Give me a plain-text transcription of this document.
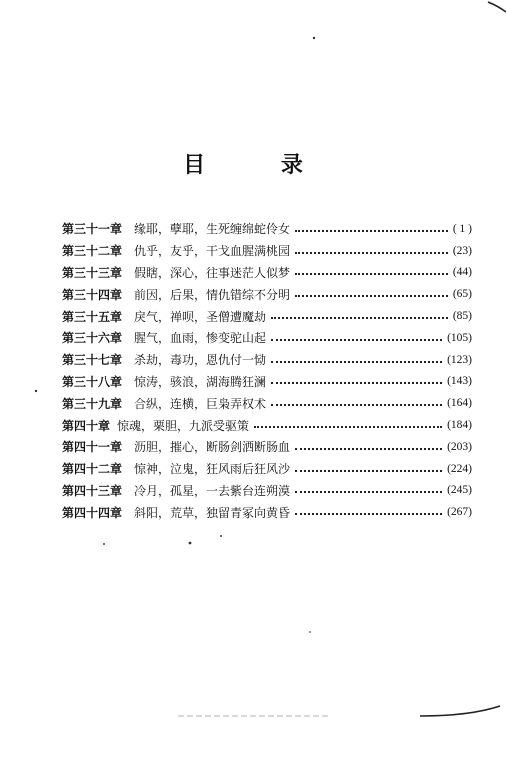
目 录
第三十一章 缘耶，孽耶，生死缠绵蛇伶女	( 1 )
第三十二章 仇乎，友乎，干戈血腥满桃园	(23)
第三十三章 假瞎，深心，往事迷茫人似梦	(44)
第三十四章 前因，后果，情仇错综不分明	(65)
第三十五章 戾气，禅呗，圣僧遭魔劫	(85)
第三十六章 腥气，血雨，惨变驼山起	(105)
第三十七章 杀劫，毒功，恩仇付一恸	(123)
第三十八章 惊涛，骇浪，湖海腾狂澜	(143)
第三十九章 合纵，连横，巨枭弄权术	(164)
第四十章 惊魂，栗胆，九派受驱策	(184)
第四十一章 沥胆，摧心，断肠剑洒断肠血	(203)
第四十二章 惊神，泣鬼，狂风雨后狂风沙	(224)
第四十三章 冷月，孤星，一去紫台连朔漠	(245)
第四十四章 斜阳，荒草，独留青冢向黄昏	(267)
